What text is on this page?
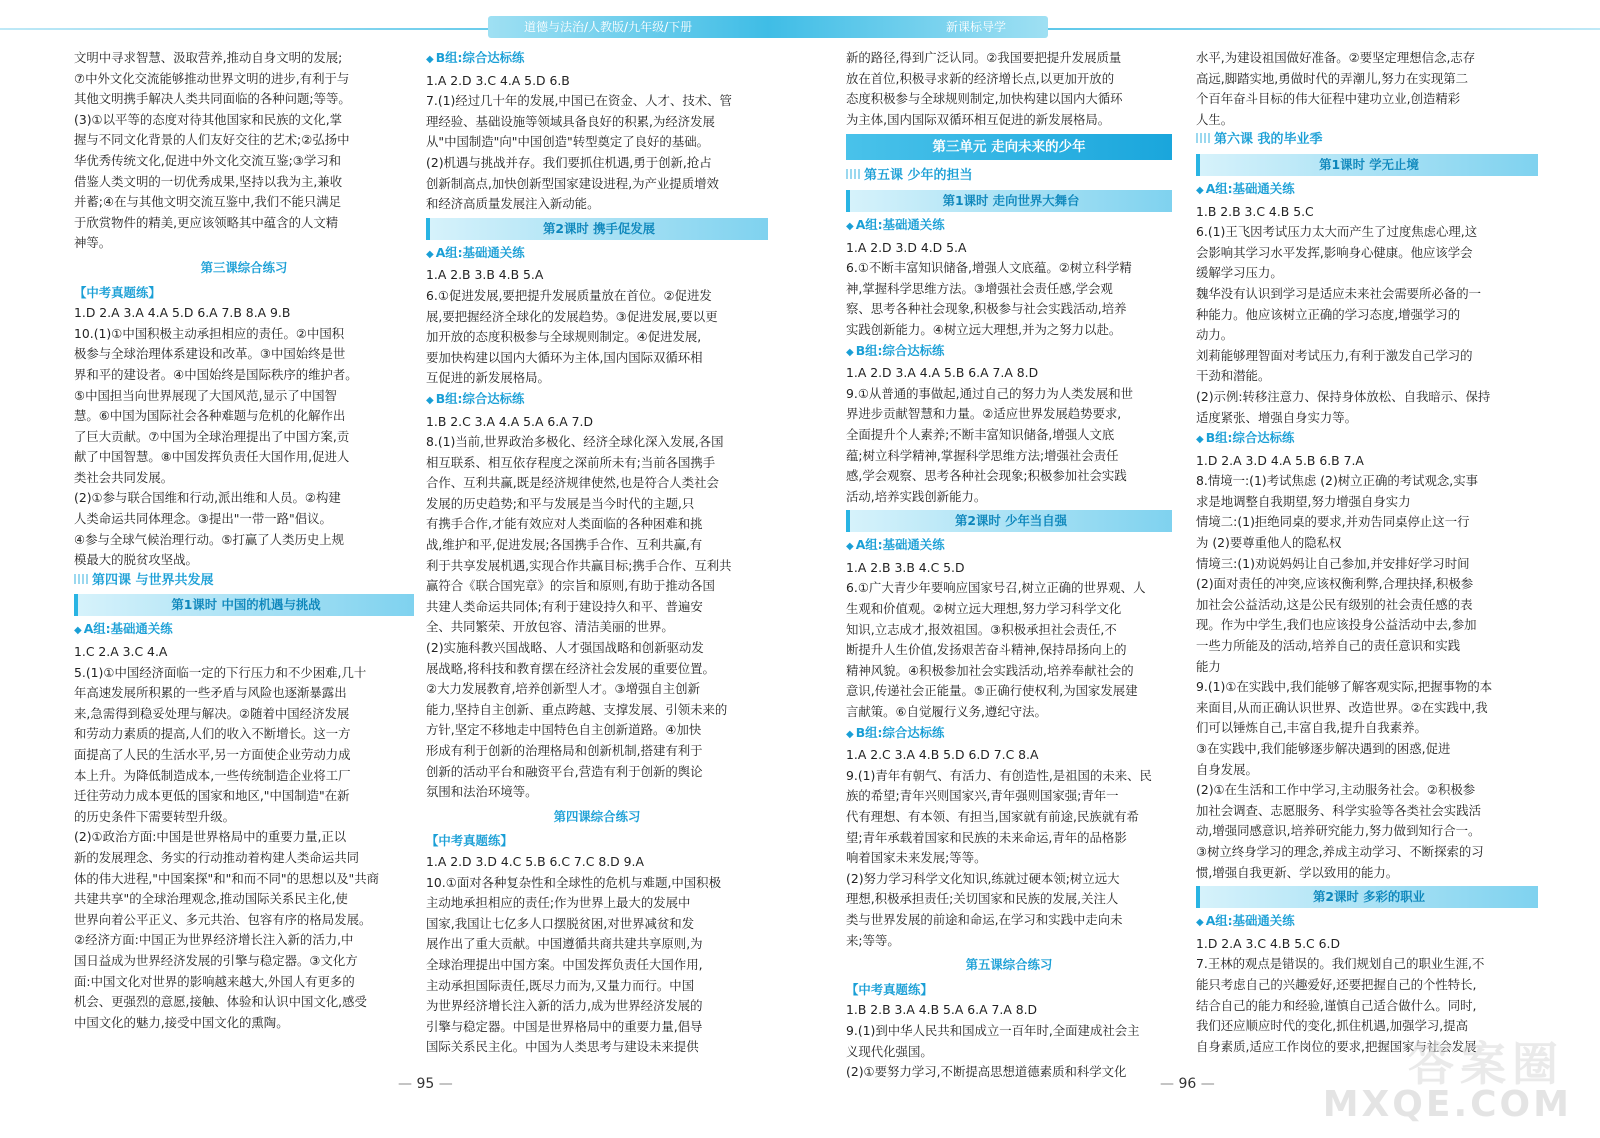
道德与法治/人教版/九年级/下册	新课标导学
文明中寻求智慧、汲取营养,推动自身文明的发展;
⑦中外文化交流能够推动世界文明的进步,有利于与
其他文明携手解决人类共同面临的各种问题;等等。
(3)①以平等的态度对待其他国家和民族的文化,掌
握与不同文化背景的人们友好交往的艺术;②弘扬中
华优秀传统文化,促进中外文化交流互鉴;③学习和
借鉴人类文明的一切优秀成果,坚持以我为主,兼收
并蓄;④在与其他文明交流互鉴中,我们不能只满足
于欣赏物件的精美,更应该领略其中蕴含的人文精
神等。
第三课综合练习
【中考真题练】
1.D 2.A 3.A 4.A 5.D 6.A 7.B 8.A 9.B
10.(1)①中国积极主动承担相应的责任。②中国积
极参与全球治理体系建设和改革。③中国始终是世
界和平的建设者。④中国始终是国际秩序的维护者。
⑤中国担当向世界展现了大国风范,显示了中国智
慧。⑥中国为国际社会各种难题与危机的化解作出
了巨大贡献。⑦中国为全球治理提出了中国方案,贡
献了中国智慧。⑧中国发挥负责任大国作用,促进人
类社会共同发展。
(2)①参与联合国维和行动,派出维和人员。②构建
人类命运共同体理念。③提出"一带一路"倡议。
④参与全球气候治理行动。⑤打赢了人类历史上规
模最大的脱贫攻坚战。
第四课 与世界共发展
第1课时 中国的机遇与挑战
◆ A组:基础通关练
1.C 2.A 3.C 4.A
5.(1)①中国经济面临一定的下行压力和不少困难,几十
年高速发展所积累的一些矛盾与风险也逐渐暴露出
来,急需得到稳妥处理与解决。②随着中国经济发展
和劳动力素质的提高,人们的收入不断增长。这一方
面提高了人民的生活水平,另一方面使企业劳动力成
本上升。为降低制造成本,一些传统制造企业将工厂
迁往劳动力成本更低的国家和地区,"中国制造"在新
的历史条件下需要转型升级。
(2)①政治方面:中国是世界格局中的重要力量,正以
新的发展理念、务实的行动推动着构建人类命运共同
体的伟大进程,"中国案探"和"和而不同"的思想以及"共商
共建共享"的全球治理观念,推动国际关系民主化,使
世界向着公平正义、多元共治、包容有序的格局发展。
②经济方面:中国正为世界经济增长注入新的活力,中
国日益成为世界经济发展的引擎与稳定器。③文化方
面:中国文化对世界的影响越来越大,外国人有更多的
机会、更强烈的意愿,接触、体验和认识中国文化,感受
中国文化的魅力,接受中国文化的熏陶。
◆ B组:综合达标练
1.A 2.D 3.C 4.A 5.D 6.B
7.(1)经过几十年的发展,中国已在资金、人才、技术、管
理经验、基础设施等领域具备良好的积累,为经济发展
从"中国制造"向"中国创造"转型奠定了良好的基础。
(2)机遇与挑战并存。我们要抓住机遇,勇于创新,抢占
创新制高点,加快创新型国家建设进程,为产业提质增效
和经济高质量发展注入新动能。
第2课时 携手促发展
◆ A组:基础通关练
1.A 2.B 3.B 4.B 5.A
6.①促进发展,要把提升发展质量放在首位。②促进发
展,要把握经济全球化的发展趋势。③促进发展,要以更
加开放的态度积极参与全球规则制定。④促进发展,
要加快构建以国内大循环为主体,国内国际双循环相
互促进的新发展格局。
◆ B组:综合达标练
1.B 2.C 3.A 4.A 5.A 6.A 7.D
8.(1)当前,世界政治多极化、经济全球化深入发展,各国
相互联系、相互依存程度之深前所未有;当前各国携手
合作、互利共赢,既是经济规律使然,也是符合人类社会
发展的历史趋势;和平与发展是当今时代的主题,只
有携手合作,才能有效应对人类面临的各种困难和挑
战,维护和平,促进发展;各国携手合作、互利共赢,有
利于共享发展机遇,实现合作共赢目标;携手合作、互利共
赢符合《联合国宪章》的宗旨和原则,有助于推动各国
共建人类命运共同体;有利于建设持久和平、普遍安
全、共同繁荣、开放包容、清洁美丽的世界。
(2)实施科教兴国战略、人才强国战略和创新驱动发
展战略,将科技和教育摆在经济社会发展的重要位置。
②大力发展教育,培养创新型人才。③增强自主创新
能力,坚持自主创新、重点跨越、支撑发展、引领未来的
方针,坚定不移地走中国特色自主创新道路。④加快
形成有利于创新的治理格局和创新机制,搭建有利于
创新的活动平台和融资平台,营造有利于创新的舆论
氛围和法治环境等。
第四课综合练习
【中考真题练】
1.A 2.D 3.D 4.C 5.B 6.C 7.C 8.D 9.A
10.①面对各种复杂性和全球性的危机与难题,中国积极
主动地承担相应的责任;作为世界上最大的发展中
国家,我国让七亿多人口摆脱贫困,对世界减贫和发
展作出了重大贡献。中国遵循共商共建共享原则,为
全球治理提出中国方案。中国发挥负责任大国作用,
主动承担国际责任,既尽力而为,又量力而行。中国
为世界经济增长注入新的活力,成为世界经济发展的
引擎与稳定器。中国是世界格局中的重要力量,倡导
国际关系民主化。中国为人类思考与建设未来提供
新的路径,得到广泛认同。②我国要把提升发展质量
放在首位,积极寻求新的经济增长点,以更加开放的
态度积极参与全球规则制定,加快构建以国内大循环
为主体,国内国际双循环相互促进的新发展格局。
第三单元 走向未来的少年
第五课 少年的担当
第1课时 走向世界大舞台
◆ A组:基础通关练
1.A 2.D 3.D 4.D 5.A
6.①不断丰富知识储备,增强人文底蕴。②树立科学精
神,掌握科学思维方法。③增强社会责任感,学会观
察、思考各种社会现象,积极参与社会实践活动,培养
实践创新能力。④树立远大理想,并为之努力以赴。
◆ B组:综合达标练
1.A 2.D 3.A 4.A 5.B 6.A 7.A 8.D
9.①从普通的事做起,通过自己的努力为人类发展和世
界进步贡献智慧和力量。②适应世界发展趋势要求,
全面提升个人素养;不断丰富知识储备,增强人文底
蕴;树立科学精神,掌握科学思维方法;增强社会责任
感,学会观察、思考各种社会现象;积极参加社会实践
活动,培养实践创新能力。
第2课时 少年当自强
◆ A组:基础通关练
1.A 2.B 3.B 4.C 5.D
6.①广大青少年要响应国家号召,树立正确的世界观、人
生观和价值观。②树立远大理想,努力学习科学文化
知识,立志成才,报效祖国。③积极承担社会责任,不
断提升人生价值,发扬艰苦奋斗精神,保持昂扬向上的
精神风貌。④积极参加社会实践活动,培养奉献社会的
意识,传递社会正能量。⑤正确行使权利,为国家发展建
言献策。⑥自觉履行义务,遵纪守法。
◆ B组:综合达标练
1.A 2.C 3.A 4.B 5.D 6.D 7.C 8.A
9.(1)青年有朝气、有活力、有创造性,是祖国的未来、民
族的希望;青年兴则国家兴,青年强则国家强;青年一
代有理想、有本领、有担当,国家就有前途,民族就有希
望;青年承载着国家和民族的未来命运,青年的品格影
响着国家未来发展;等等。
(2)努力学习科学文化知识,练就过硬本领;树立远大
理想,积极承担责任;关切国家和民族的发展,关注人
类与世界发展的前途和命运,在学习和实践中走向未
来;等等。
第五课综合练习
【中考真题练】
1.B 2.B 3.A 4.B 5.A 6.A 7.A 8.D
9.(1)到中华人民共和国成立一百年时,全面建成社会主
义现代化强国。
(2)①要努力学习,不断提高思想道德素质和科学文化
水平,为建设祖国做好准备。②要坚定理想信念,志存
高远,脚踏实地,勇做时代的弄潮儿,努力在实现第二
个百年奋斗目标的伟大征程中建功立业,创造精彩
人生。
第六课 我的毕业季
第1课时 学无止境
◆ A组:基础通关练
1.B 2.B 3.C 4.B 5.C
6.(1)王飞因考试压力太大而产生了过度焦虑心理,这
会影响其学习水平发挥,影响身心健康。他应该学会
缓解学习压力。
魏华没有认识到学习是适应未来社会需要所必备的一
种能力。他应该树立正确的学习态度,增强学习的
动力。
刘莉能够理智面对考试压力,有利于激发自己学习的
干劲和潜能。
(2)示例:转移注意力、保持身体放松、自我暗示、保持
适度紧张、增强自身实力等。
◆ B组:综合达标练
1.D 2.A 3.D 4.A 5.B 6.B 7.A
8.情境一:(1)考试焦虑 (2)树立正确的考试观念,实事
求是地调整自我期望,努力增强自身实力
情境二:(1)拒绝同桌的要求,并劝告同桌停止这一行
为 (2)要尊重他人的隐私权
情境三:(1)劝说妈妈让自己参加,并安排好学习时间
(2)面对责任的冲突,应该权衡利弊,合理抉择,积极参
加社会公益活动,这是公民有级别的社会责任感的表
现。作为中学生,我们也应该投身公益活动中去,参加
一些力所能及的活动,培养自己的责任意识和实践
能力
9.(1)①在实践中,我们能够了解客观实际,把握事物的本
来面目,从而正确认识世界、改造世界。②在实践中,我
们可以锤炼自己,丰富自我,提升自我素养。
③在实践中,我们能够逐步解决遇到的困惑,促进
自身发展。
(2)①在生活和工作中学习,主动服务社会。②积极参
加社会调查、志愿服务、科学实验等各类社会实践活
动,增强同感意识,培养研究能力,努力做到知行合一。
③树立终身学习的理念,养成主动学习、不断探索的习
惯,增强自我更新、学以致用的能力。
第2课时 多彩的职业
◆ A组:基础通关练
1.D 2.A 3.C 4.B 5.C 6.D
7.王林的观点是错误的。我们规划自己的职业生涯,不
能只考虑自己的兴趣爱好,还要把握自己的个性特长,
结合自己的能力和经验,谨慎自己适合做什么。同时,
我们还应顺应时代的变化,抓住机遇,加强学习,提高
自身素质,适应工作岗位的要求,把握国家与社会发展
— 95 —	— 96 —	答案圈
MXQE.COM
